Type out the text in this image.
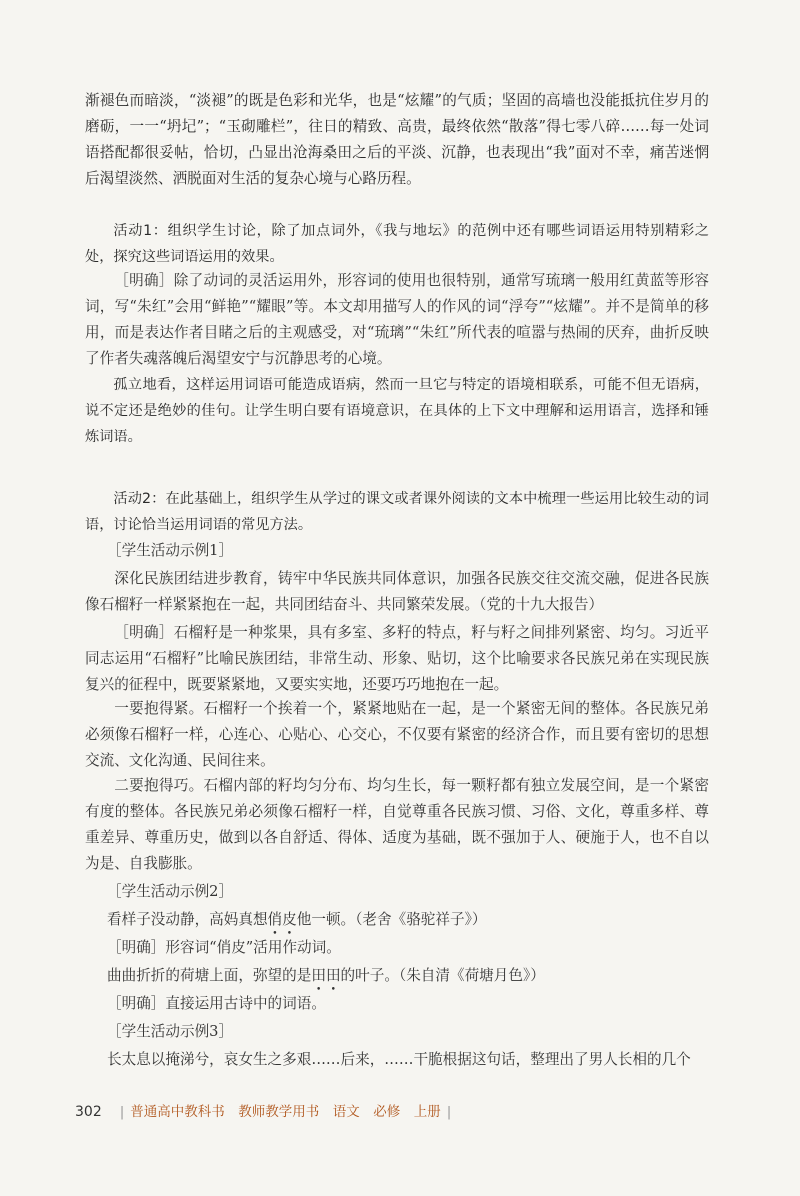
渐褪色而暗淡，“淡褪”的既是色彩和光华，也是“炫耀”的气质；坚固的高墙也没能抵抗住岁月的磨砺，一一“坍圮”；“玉砌雕栏”，往日的精致、高贵，最终依然“散落”得七零八碎……每一处词语搭配都很妥帖，恰切，凸显出沧海桑田之后的平淡、沉静，也表现出“我”面对不幸，痛苦迷惘后渴望淡然、洒脱面对生活的复杂心境与心路历程。

活动1：组织学生讨论，除了加点词外，《我与地坛》的范例中还有哪些词语运用特别精彩之处，探究这些词语运用的效果。

［明确］除了动词的灵活运用外，形容词的使用也很特别，通常写琉璃一般用红黄蓝等形容词，写“朱红”会用“鲜艳”“耀眼”等。本文却用描写人的作风的词“浮夸”“炫耀”。并不是简单的移用，而是表达作者目睹之后的主观感受，对“琉璃”“朱红”所代表的喧嚣与热闹的厌弃，曲折反映了作者失魂落魄后渴望安宁与沉静思考的心境。

孤立地看，这样运用词语可能造成语病，然而一旦它与特定的语境相联系，可能不但无语病，说不定还是绝妙的佳句。让学生明白要有语境意识，在具体的上下文中理解和运用语言，选择和锤炼词语。

活动2：在此基础上，组织学生从学过的课文或者课外阅读的文本中梳理一些运用比较生动的词语，讨论恰当运用词语的常见方法。

［学生活动示例1］

深化民族团结进步教育，铸牢中华民族共同体意识，加强各民族交往交流交融，促进各民族像石榴籽一样紧紧抱在一起，共同团结奋斗、共同繁荣发展。（党的十九大报告）

［明确］石榴籽是一种浆果，具有多室、多籽的特点，籽与籽之间排列紧密、均匀。习近平同志运用“石榴籽”比喻民族团结，非常生动、形象、贴切，这个比喻要求各民族兄弟在实现民族复兴的征程中，既要紧紧地，又要实实地，还要巧巧地抱在一起。

一要抱得紧。石榴籽一个挨着一个，紧紧地贴在一起，是一个紧密无间的整体。各民族兄弟必须像石榴籽一样，心连心、心贴心、心交心，不仅要有紧密的经济合作，而且要有密切的思想交流、文化沟通、民间往来。

二要抱得巧。石榴内部的籽均匀分布、均匀生长，每一颗籽都有独立发展空间，是一个紧密有度的整体。各民族兄弟必须像石榴籽一样，自觉尊重各民族习惯、习俗、文化，尊重多样、尊重差异、尊重历史，做到以各自舒适、得体、适度为基础，既不强加于人、硬施于人，也不自以为是、自我膨胀。

［学生活动示例2］

看样子没动静，高妈真想俏皮他一顿。（老舍《骆驼祥子》）

［明确］形容词“俏皮”活用作动词。

曲曲折折的荷塘上面，弥望的是田田的叶子。（朱自清《荷塘月色》）

［明确］直接运用古诗中的词语。

［学生活动示例3］

长太息以掩涕兮，哀女生之多艰……后来，……干脆根据这句话，整理出了男人长相的几个

302 | 普通高中教科书　教师教学用书　语文　必修　上册 |
